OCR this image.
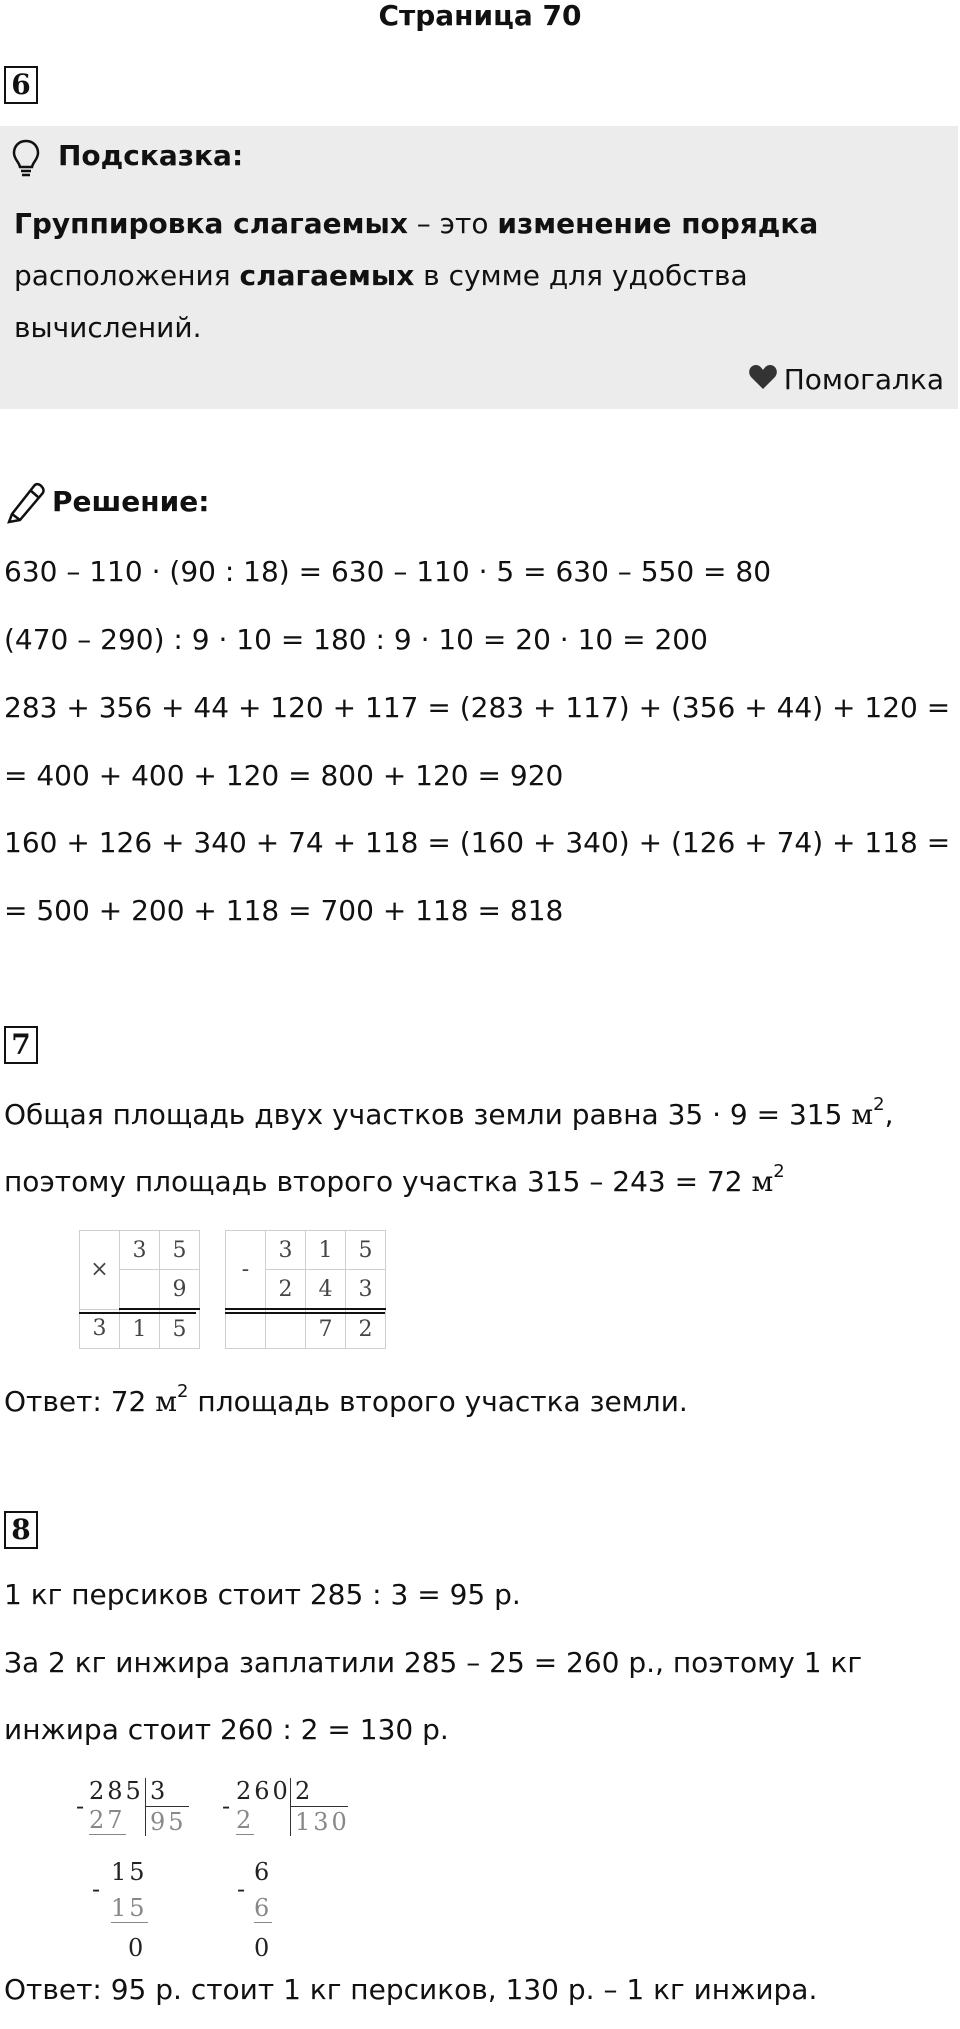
Страница 70
6
Подсказка:
Группировка слагаемых – это изменение порядка
расположения слагаемых в сумме для удобства
вычислений.
Помогалка
Решение:
630 – 110 · (90 : 18) = 630 – 110 · 5 = 630 – 550 = 80
(470 – 290) : 9 · 10 = 180 : 9 · 10 = 20 · 10 = 200
283 + 356 + 44 + 120 + 117 = (283 + 117) + (356 + 44) + 120 =
= 400 + 400 + 120 = 800 + 120 = 920
160 + 126 + 340 + 74 + 118 = (160 + 340) + (126 + 74) + 118 =
= 500 + 200 + 118 = 700 + 118 = 818
7
Общая площадь двух участков земли равна 35 · 9 = 315 $м^2$,
поэтому площадь второго участка 315 – 243 = 72 $м^2$
×	3	5
		9
3	1	5
-	3	1	5
	2	4	3
		7	2
Ответ: 72 $м^2$ площадь второго участка земли.
8
1 кг персиков стоит 285 : 3 = 95 р.
За 2 кг инжира заплатили 285 – 25 = 260 р., поэтому 1 кг
инжира стоит 260 : 2 = 130 р.
285
-
3
27 95
15
-
15
0
260
-
2
2 130
6
-
6
0
Ответ: 95 р. стоит 1 кг персиков, 130 р. – 1 кг инжира.
